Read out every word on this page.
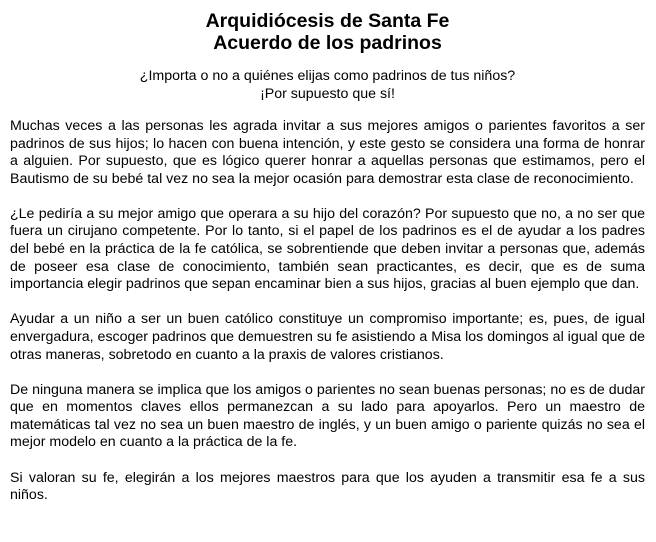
Arquidiócesis de Santa Fe
Acuerdo de los padrinos
¿Importa o no a quiénes elijas como padrinos de tus niños?
¡Por supuesto que sí!

Muchas veces a las personas les agrada invitar a sus mejores amigos o parientes favoritos a ser padrinos de sus hijos; lo hacen con buena intención, y este gesto se considera una forma de honrar a alguien. Por supuesto, que es lógico querer honrar a aquellas personas que estimamos, pero el Bautismo de su bebé tal vez no sea la mejor ocasión para demostrar esta clase de reconocimiento.

¿Le pediría a su mejor amigo que operara a su hijo del corazón? Por supuesto que no, a no ser que fuera un cirujano competente. Por lo tanto, si el papel de los padrinos es el de ayudar a los padres del bebé en la práctica de la fe católica, se sobrentiende que deben invitar a personas que, además de poseer esa clase de conocimiento, también sean practicantes, es decir, que es de suma importancia elegir padrinos que sepan encaminar bien a sus hijos, gracias al buen ejemplo que dan.

Ayudar a un niño a ser un buen católico constituye un compromiso importante; es, pues, de igual envergadura, escoger padrinos que demuestren su fe asistiendo a Misa los domingos al igual que de otras maneras, sobretodo en cuanto a la praxis de valores cristianos.

De ninguna manera se implica que los amigos o parientes no sean buenas personas; no es de dudar que en momentos claves ellos permanezcan a su lado para apoyarlos. Pero un maestro de matemáticas tal vez no sea un buen maestro de inglés, y un buen amigo o pariente quizás no sea el mejor modelo en cuanto a la práctica de la fe.

Si valoran su fe, elegirán a los mejores maestros para que los ayuden a transmitir esa fe a sus niños.
